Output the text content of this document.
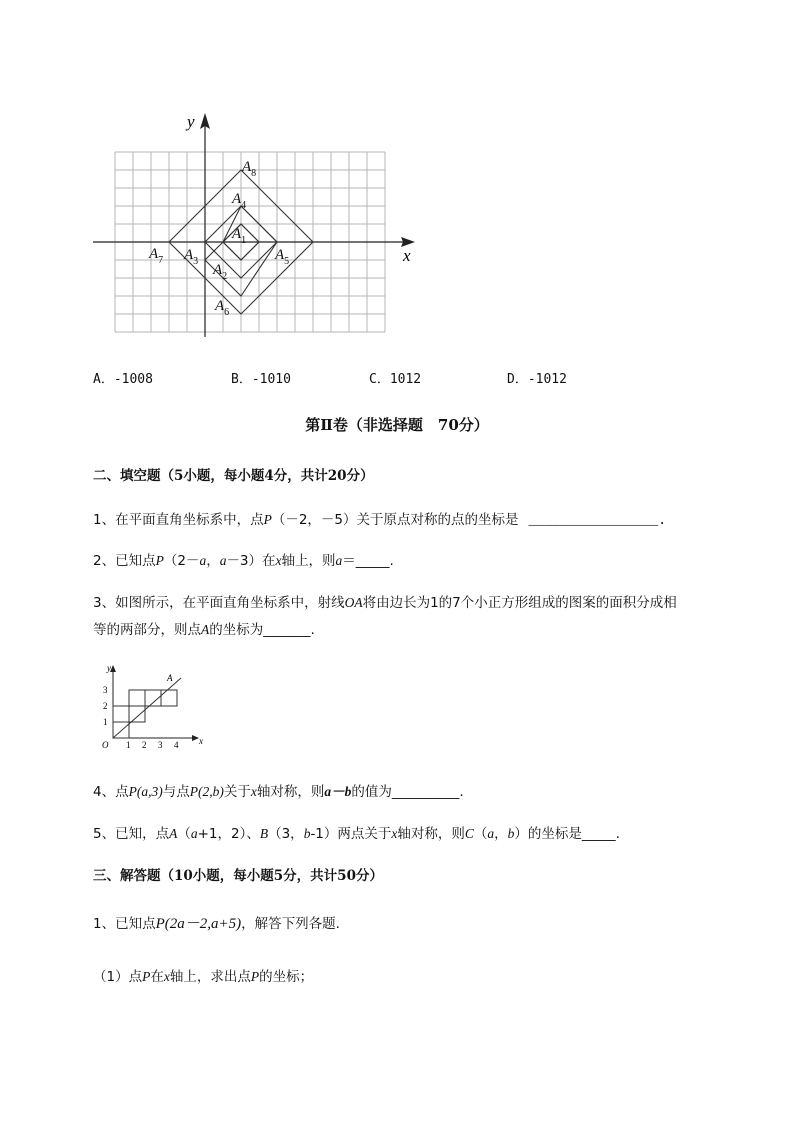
y
x
$A_1$
$A_2$
$A_3$
$A_4$
$A_5$
$A_6$
$A_7$
$A_8$
A．-1008	B．-1010	C．1012	D．-1012
第Ⅱ卷（非选择题　70分）
二、填空题（5小题，每小题4分，共计20分）
1、在平面直角坐标系中，点P（－2，－5）关于原点对称的点的坐标是 ________________.
2、已知点P（2－a，a－3）在x轴上，则a＝_____.
3、如图所示，在平面直角坐标系中，射线OA将由边长为1的7个小正方形组成的图案的面积分成相
等的两部分，则点A的坐标为_______.
O	x
y
A
1 2 3 4
1
2
3
4、点P(a,3)与点P(2,b)关于x轴对称，则a－b的值为__________.
5、已知，点A（a+1，2）、B（3，b-1）两点关于x轴对称，则C（a，b）的坐标是_____.
三、解答题（10小题，每小题5分，共计50分）
1、已知点P(2a－2,a+5)，解答下列各题.
（1）点P在x轴上，求出点P的坐标；
